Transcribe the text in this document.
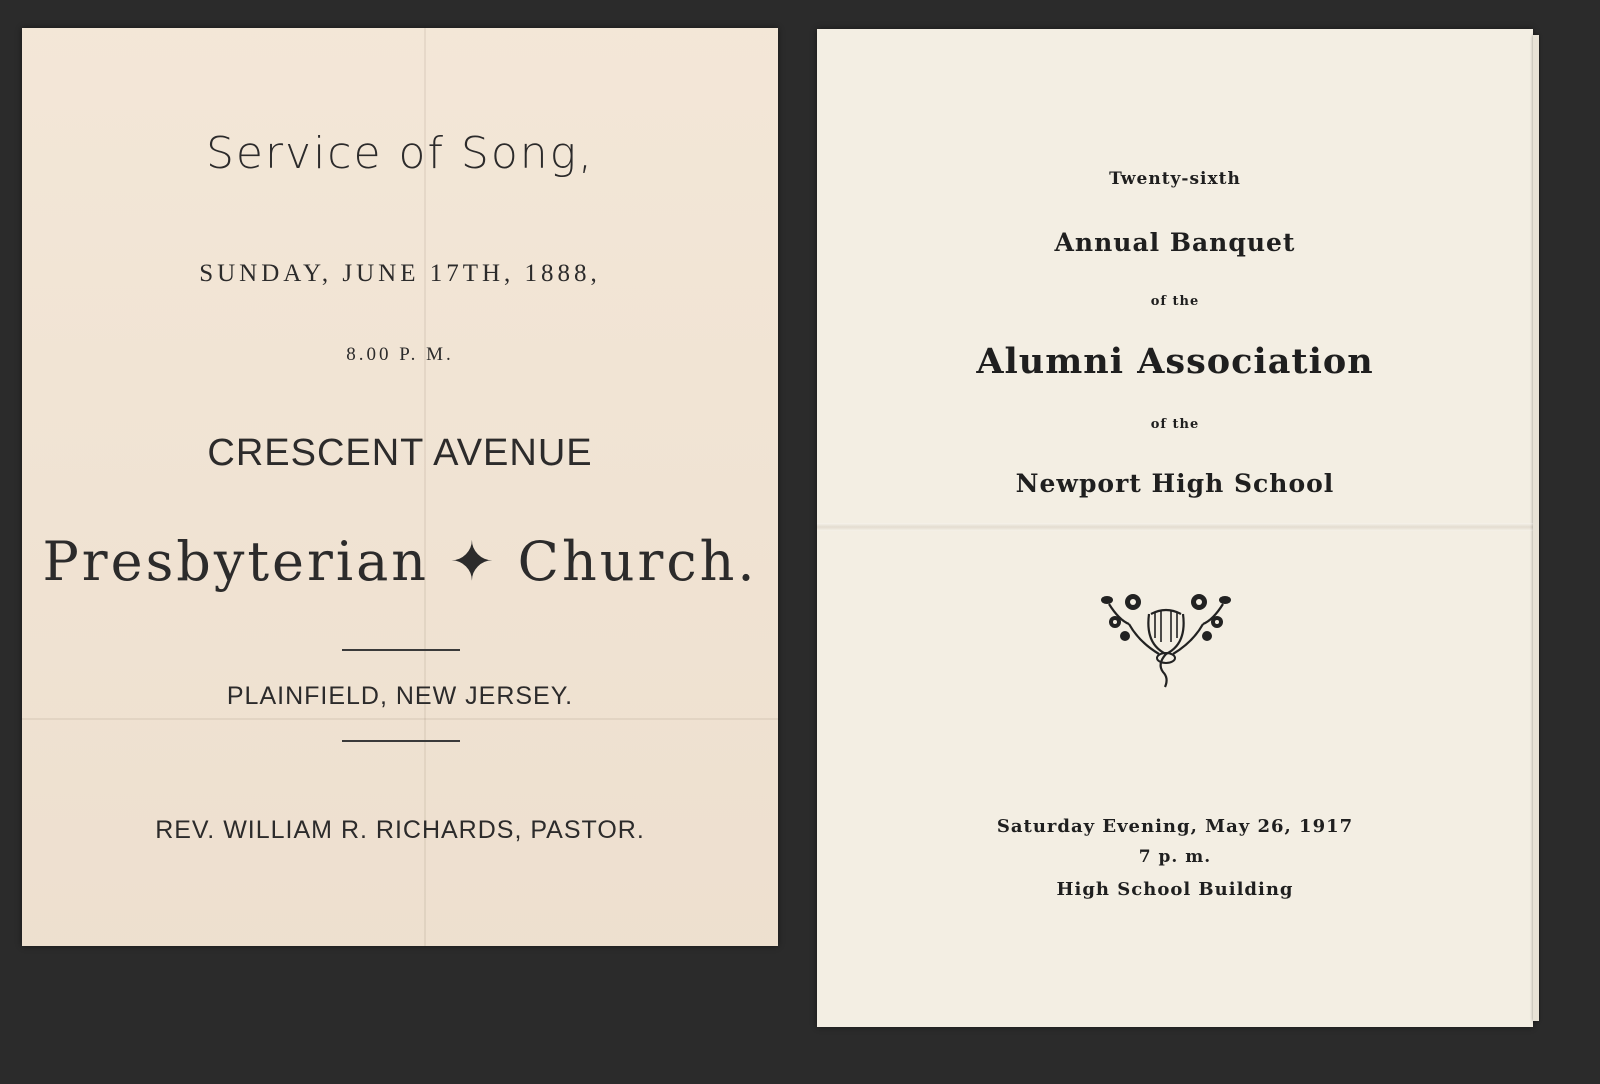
Service of Song,
SUNDAY, JUNE 17TH, 1888,
8.00 P. M.
CRESCENT AVENUE
Presbyterian ✦ Church.
PLAINFIELD, NEW JERSEY.
REV. WILLIAM R. RICHARDS, PASTOR.
Twenty-sixth
Annual Banquet
of the
Alumni Association
of the
Newport High School
Saturday Evening, May 26, 1917
7 p. m.
High School Building
